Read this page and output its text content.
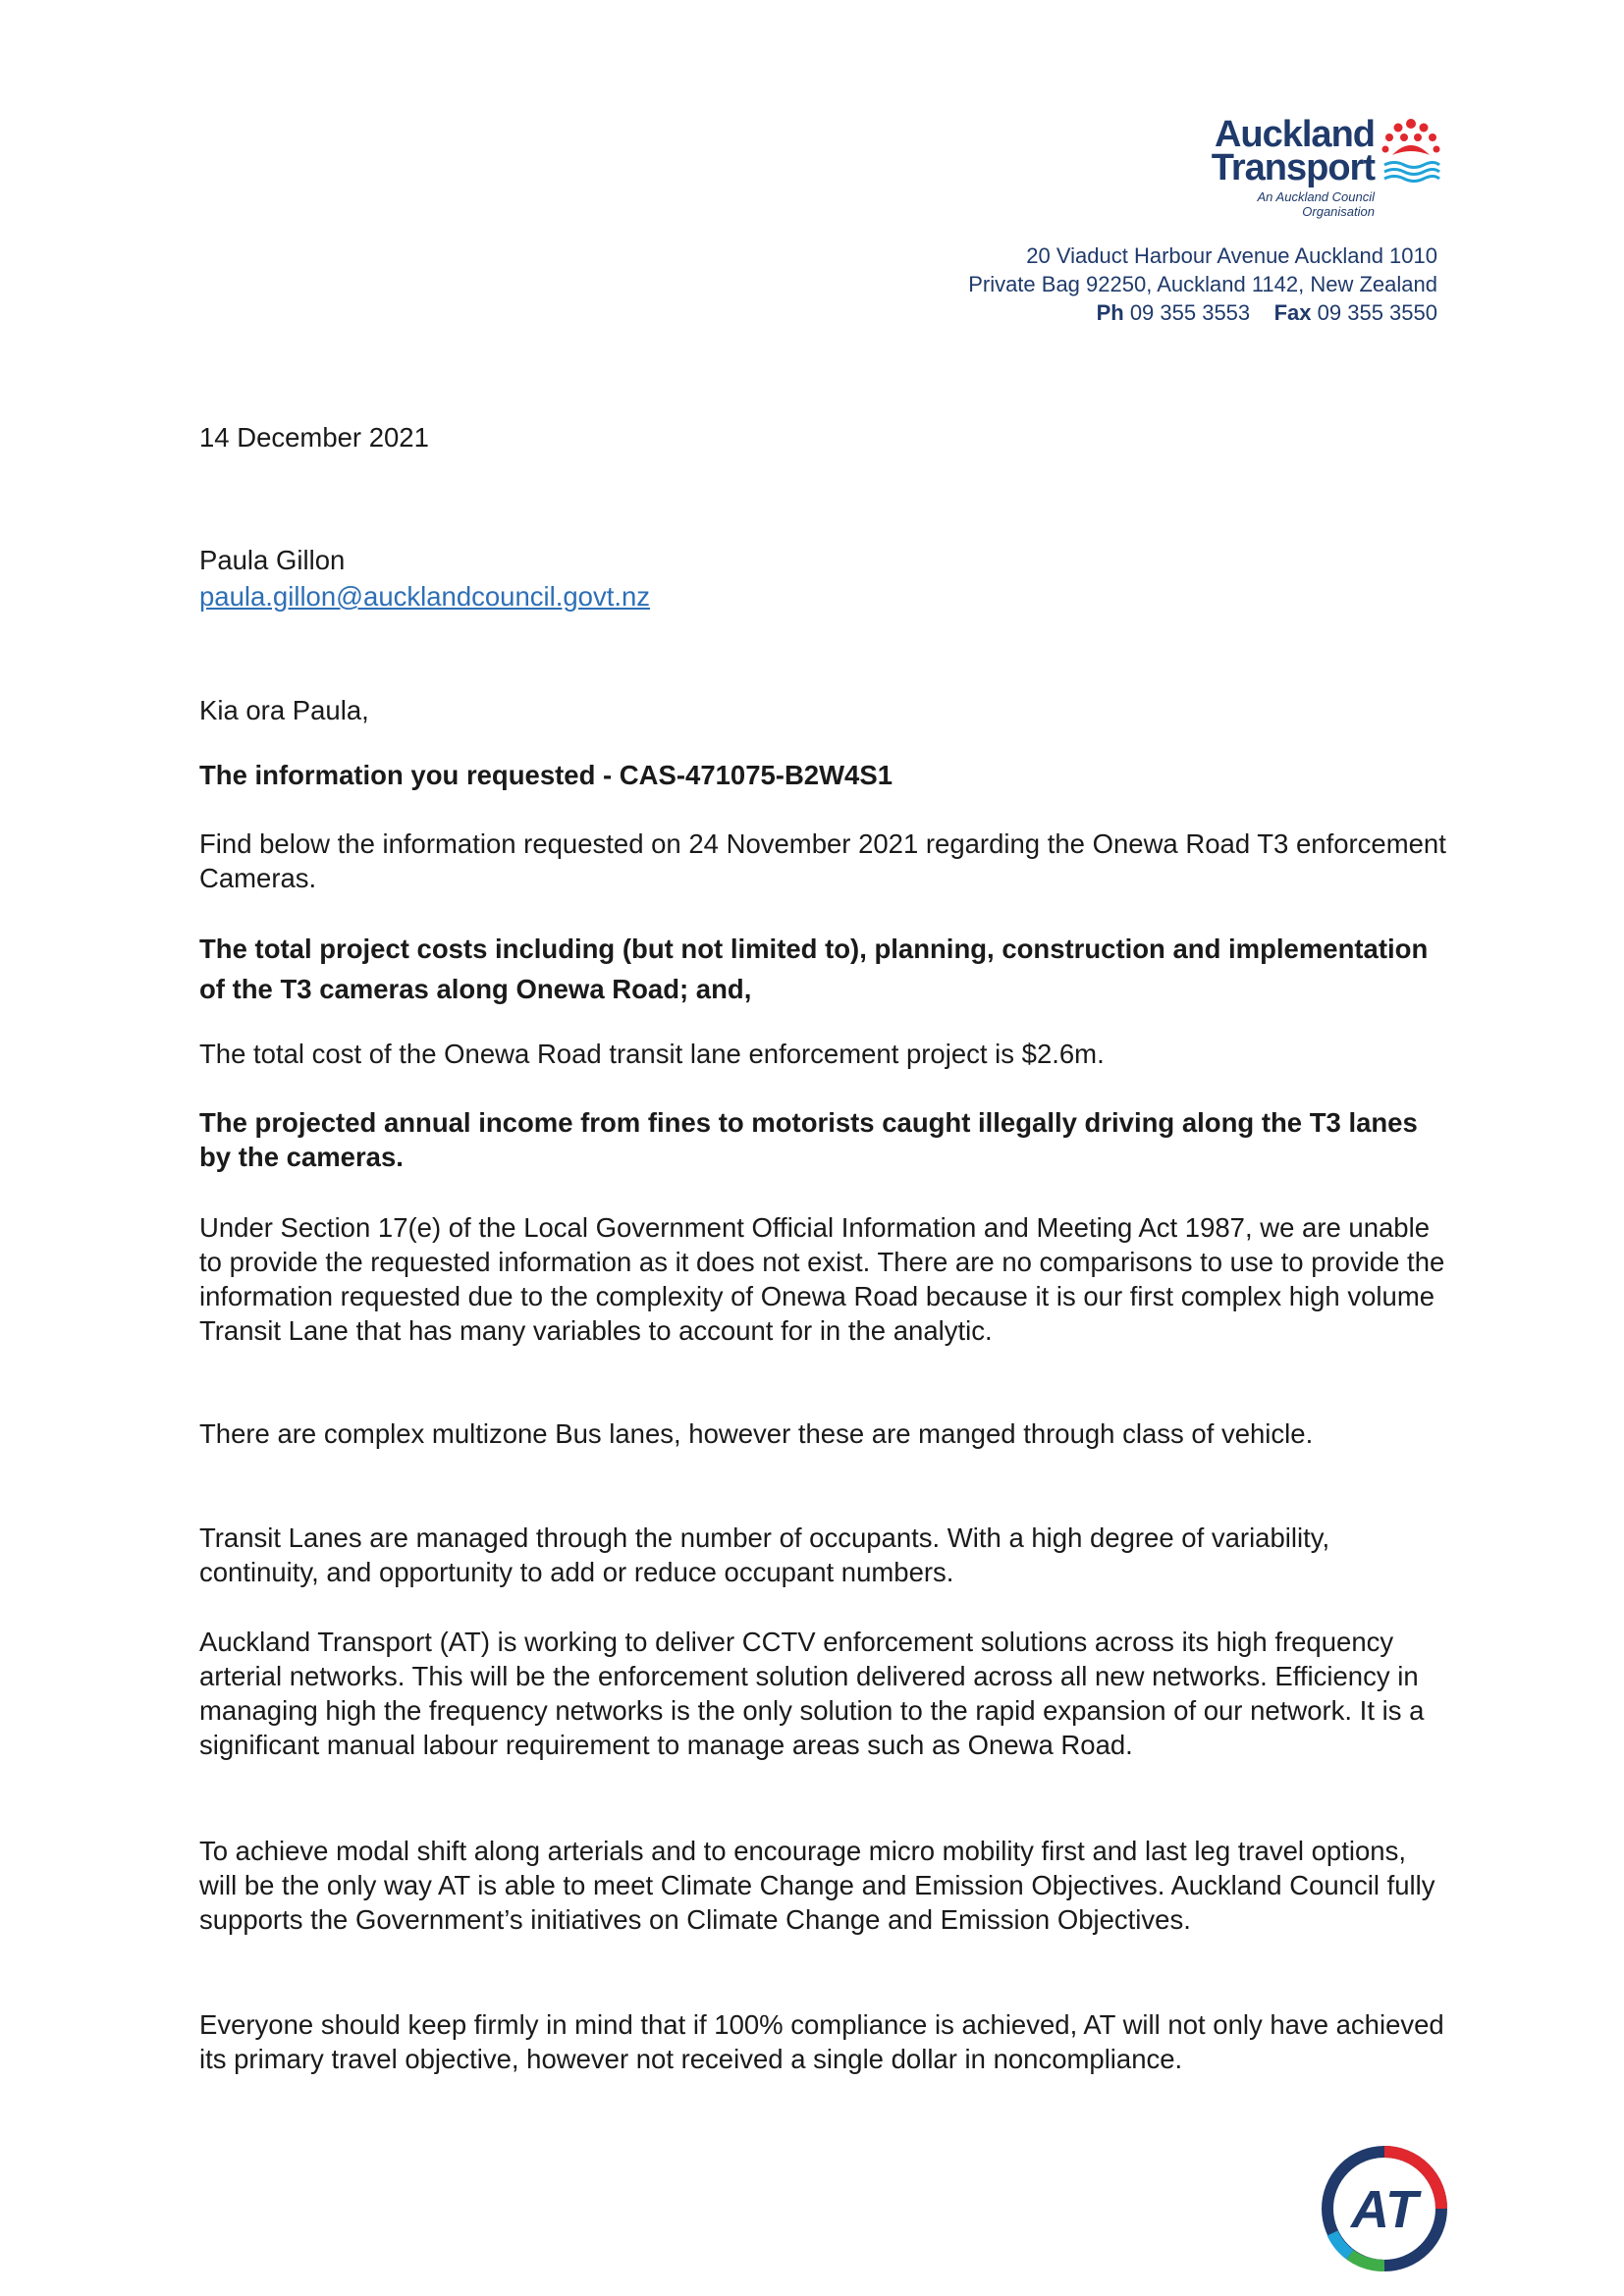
Auckland
Transport
An Auckland Council Organisation
20 Viaduct Harbour Avenue Auckland 1010
Private Bag 92250, Auckland 1142, New Zealand
Ph 09 355 3553 Fax 09 355 3550
14 December 2021
Paula Gillon
paula.gillon@aucklandcouncil.govt.nz
Kia ora Paula,
The information you requested - CAS-471075-B2W4S1
Find below the information requested on 24 November 2021 regarding the Onewa Road T3 enforcement Cameras.
The total project costs including (but not limited to), planning, construction and implementation of the T3 cameras along Onewa Road; and,
The total cost of the Onewa Road transit lane enforcement project is $2.6m.
The projected annual income from fines to motorists caught illegally driving along the T3 lanes by the cameras.
Under Section 17(e) of the Local Government Official Information and Meeting Act 1987, we are unable to provide the requested information as it does not exist. There are no comparisons to use to provide the information requested due to the complexity of Onewa Road because it is our first complex high volume Transit Lane that has many variables to account for in the analytic.
There are complex multizone Bus lanes, however these are manged through class of vehicle.
Transit Lanes are managed through the number of occupants. With a high degree of variability, continuity, and opportunity to add or reduce occupant numbers.
Auckland Transport (AT) is working to deliver CCTV enforcement solutions across its high frequency arterial networks. This will be the enforcement solution delivered across all new networks. Efficiency in managing high the frequency networks is the only solution to the rapid expansion of our network. It is a significant manual labour requirement to manage areas such as Onewa Road.
To achieve modal shift along arterials and to encourage micro mobility first and last leg travel options, will be the only way AT is able to meet Climate Change and Emission Objectives. Auckland Council fully supports the Government’s initiatives on Climate Change and Emission Objectives.
Everyone should keep firmly in mind that if 100% compliance is achieved, AT will not only have achieved its primary travel objective, however not received a single dollar in noncompliance.
AT
